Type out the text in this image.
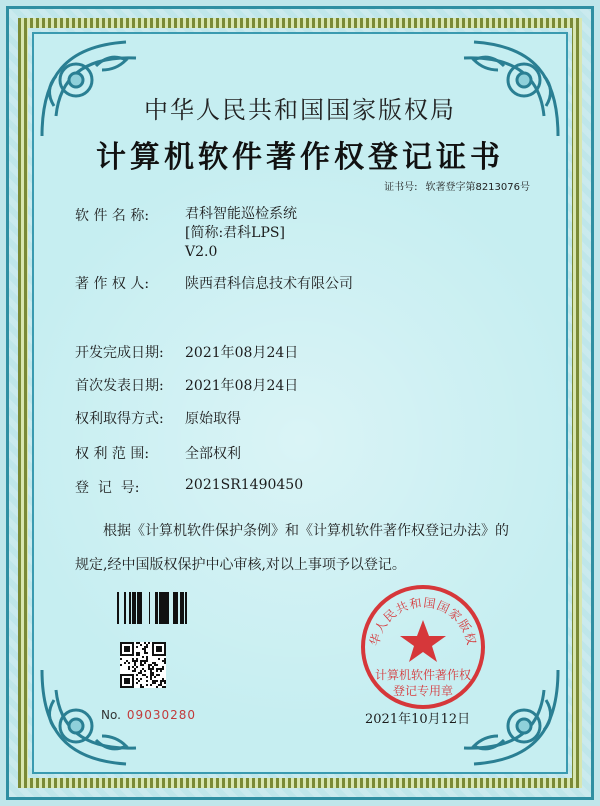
中华人民共和国国家版权局
计算机软件著作权登记证书
证书号: 软著登字第8213076号
软 件 名 称:	君科智能巡检系统
[简称:君科LPS]
V2.0
著 作 权 人:	陕西君科信息技术有限公司
开发完成日期:	2021年08月24日
首次发表日期:	2021年08月24日
权利取得方式:	原始取得
权 利 范 围:	全部权利
登  记  号:	2021SR1490450
根据《计算机软件保护条例》和《计算机软件著作权登记办法》的
规定,经中国版权保护中心审核,对以上事项予以登记。
No. 09030280
华人民共和国国家版权
计算机软件著作权
登记专用章
2021年10月12日
